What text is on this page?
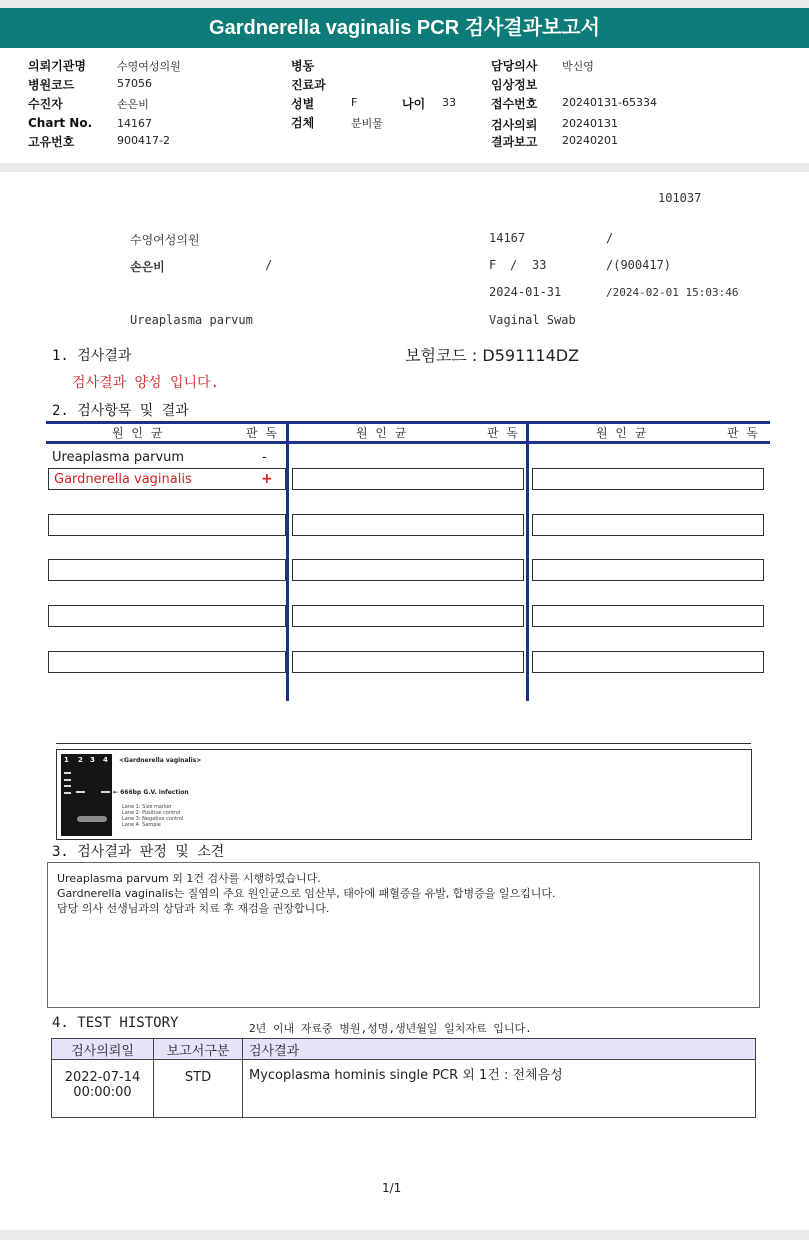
Gardnerella vaginalis PCR 검사결과보고서
의뢰기관명	수영여성의원
병원코드	57056
수진자	손은비
Chart No. 14167
고유번호	900417-2
병동
진료과
성별	F	나이 33
검체	분비물
담당의사 박신영
임상정보
접수번호 20240131-65334
검사의뢰 20240131
결과보고 20240201
101037
수영여성의원	14167	/
손은비	/	F / 33	/(900417)
2024-01-31	/2024-02-01 15:03:46
Ureaplasma parvum	Vaginal Swab
1. 검사결과	보험코드 : D591114DZ
검사결과 양성 입니다.
2. 검사항목 및 결과
원 인 균	판 독	원 인 균	판 독	원 인 균	판 독
Ureaplasma parvum	-
Gardnerella vaginalis	+
1 2 3 4 <Gardnerella vaginalis>
← 666bp G.V. infection
Lane 1: Size marker
Lane 2: Positive control
Lane 3: Negative control
Lane 4: Sample
3. 검사결과 판정 및 소견
Ureaplasma parvum 외 1건 검사를 시행하였습니다.
Gardnerella vaginalis는 질염의 주요 원인균으로 임산부, 태아에 패혈증을 유발, 합병증을 일으킵니다.
담당 의사 선생님과의 상담과 치료 후 재검을 권장합니다.
4. TEST HISTORY	2년 이내 자료중 병원,성명,생년월일 일치자료 입니다.
검사의뢰일	보고서구분	검사결과

2022-07-14
00:00:00	STD	Mycoplasma hominis single PCR 외 1건 : 전체음성
1/1
